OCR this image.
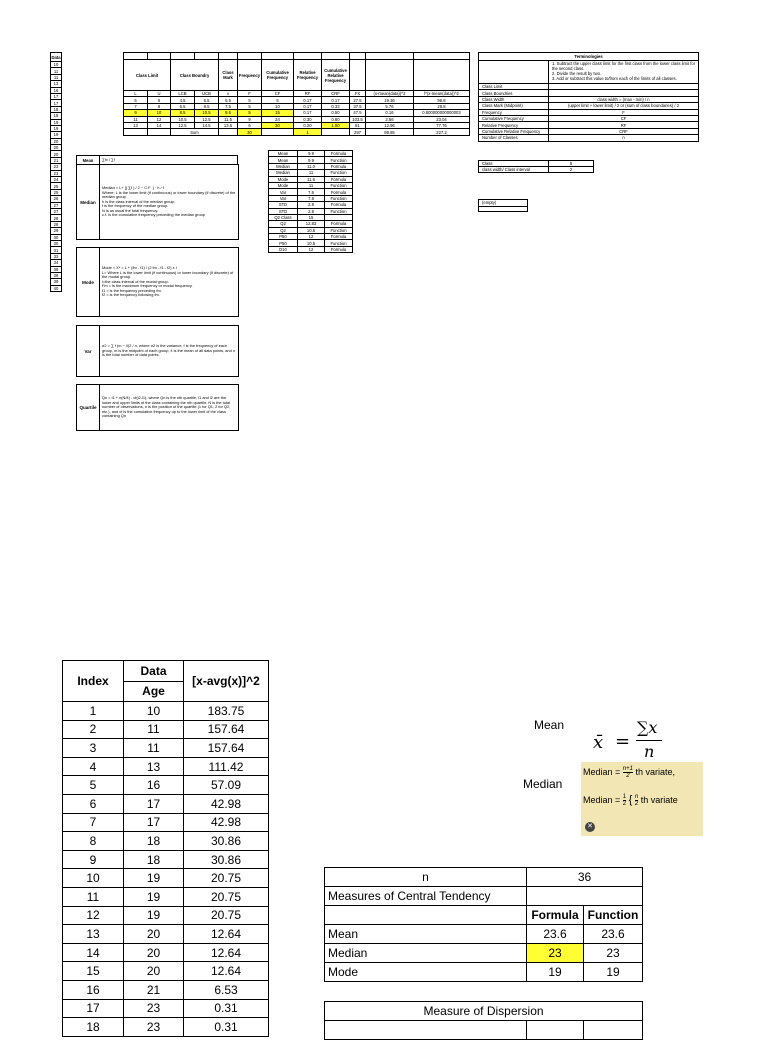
Data
10
11
11
13
16
17
17
18
18
19
19
19
20
20
20
21
23
23
24
25
25
26
27
27
28
28
29
30
30
31
33
34
35
38
39
40

Class Limit		Class Boundry		Class Mark	Frequency	Cumulative Frequency	Relative Frequency	Cumulative Relative Frequency			
L	U	LCB	UCB	x	F	CF	RF	CRF	FX	(x-mean(data))^2	f*(x-mean(data))^2
5	6	4.5	6.5	5.5	5	5	0.17	0.17	27.5	19.36	96.8
7	8	6.5	8.5	7.5	5	10	0.17	0.33	37.5	5.76	28.8
9	10	8.5	10.5	9.5	5	15	0.17	0.50	47.5	0.16	0.800000000000003
11	12	10.5	12.5	11.5	9	24	0.30	0.80	103.5	2.56	23.04
13	14	12.5	14.5	13.5	6	30	0.20	1.00	81	12.96	77.76
		Sum			30		1		297	98.85	227.2
Terminologies	
	1. Subtract the upper class limit for the first class from the lower class limit for the second class.
2. Divide the result by two.
3. Add or subtract this value to/from each of the limits of all classes.
Class Limit	
Class Boundries	
Class Width	class width = (max - min) / n
Class Mark (Midpoint)	(upper limit + lower limit) / 2 or (sum of class boundaries) / 2
Frequency	F
Cumulative Frequency	CF
Relative Frequency	RF
Cumulative Relative Frequency	CRF
Number of Classes	n
Class	5
class width/ Class interval	2
(empty)

Mean	9.9	Formula
Mean	9.9	Function
Median	11.0	Formula
Median	11	Function
Mode	11.6	Formula
Mode	11	Function
Var	7.6	Formula
Var	7.8	Function
STD	2.8	Formula
STD	2.8	Function
Q2 Class	15	
Q2	12.83	Formula
Q2	10.5	Function
P50	12	Formula
P50	10.5	Function
D10	12	Formula
Mean	∑fx / ∑f
Median
Median = L+ [( ∑f ) / 2 − C.F  ] · h / f
Where: L is the lower limit (if continuous) or lower boundary (if discrete) of the median group.
h is the class interval of the median group.
f is the frequency of the median group.
N is as usual the total frequency.
c.f. is the cumulative frequency preceding the median group
Mode
Mode = X* = L + (fm - f1) / (2 fm - f1 - f2) x i
L= Where L is the lower limit (if continuous) or lower boundary (if discrete) of the modal group.
i=the class interval of the modal group.
Fm = is the maximum frequency or modal frequency.
f1 = is the frequency preceding fm.
f2 = is the frequency following fm.
Var
σ2 = ∑ f (m − x̄)2 / n, where σ2 is the variance, f is the frequency of each group, m is the midpoint of each group, x̄ is the mean of all data points, and n is the total number of data points.
Quartile
Qn = l1 + n(N/4) - cf(l2-l1), where Qn is the nth quartile, l1 and l2 are the lower and upper limits of the class containing the nth quartile, N is the total number of observations, n is the position of the quartile (1 for Q1, 2 for Q2, etc.), and cf is the cumulative frequency up to the lower limit of the class containing Qn
Index	Data	[x-avg(x)]^2
	Age	
1	10	183.75
2	11	157.64
3	11	157.64
4	13	111.42
5	16	57.09
6	17	42.98
7	17	42.98
8	18	30.86
9	18	30.86
10	19	20.75
11	19	20.75
12	19	20.75
13	20	12.64
14	20	12.64
15	20	12.64
16	21	6.53
17	23	0.31
18	23	0.31
Mean
x̄ =
∑x
n
Median
Median = $\frac{n+1}{2}$ th variate,
Median = $\frac{1}{2}$ { $\frac{n}{2}$ th variate
✕
n	36	
Measures of Central Tendency		
	Formula	Function
Mean	23.6	23.6
Median	23	23
Mode	19	19
Measure of Dispersion
